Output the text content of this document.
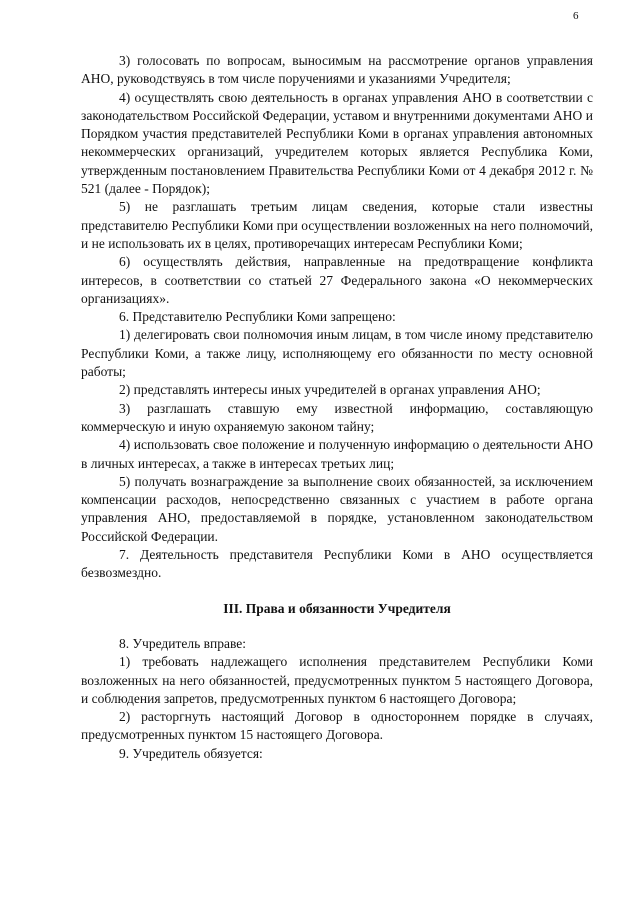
6

3) голосовать по вопросам, выносимым на рассмотрение органов управления АНО, руководствуясь в том числе поручениями и указаниями Учредителя;

4) осуществлять свою деятельность в органах управления АНО в соответствии с законодательством Российской Федерации, уставом и внутренними документами АНО и Порядком участия представителей Республики Коми в органах управления автономных некоммерческих организаций, учредителем которых является Республика Коми, утвержденным постановлением Правительства Республики Коми от 4 декабря 2012 г. № 521 (далее - Порядок);

5) не разглашать третьим лицам сведения, которые стали известны представителю Республики Коми при осуществлении возложенных на него полномочий, и не использовать их в целях, противоречащих интересам Республики Коми;

6) осуществлять действия, направленные на предотвращение конфликта интересов, в соответствии со статьей 27 Федерального закона «О некоммерческих организациях».

6. Представителю Республики Коми запрещено:

1) делегировать свои полномочия иным лицам, в том числе иному представителю Республики Коми, а также лицу, исполняющему его обязанности по месту основной работы;

2) представлять интересы иных учредителей в органах управления АНО;

3) разглашать ставшую ему известной информацию, составляющую коммерческую и иную охраняемую законом тайну;

4) использовать свое положение и полученную информацию о деятельности АНО в личных интересах, а также в интересах третьих лиц;

5) получать вознаграждение за выполнение своих обязанностей, за исключением компенсации расходов, непосредственно связанных с участием в работе органа управления АНО, предоставляемой в порядке, установленном законодательством Российской Федерации.

7. Деятельность представителя Республики Коми в АНО осуществляется безвозмездно.

III. Права и обязанности Учредителя

8. Учредитель вправе:

1) требовать надлежащего исполнения представителем Республики Коми возложенных на него обязанностей, предусмотренных пунктом 5 настоящего Договора, и соблюдения запретов, предусмотренных пунктом 6 настоящего Договора;

2) расторгнуть настоящий Договор в одностороннем порядке в случаях, предусмотренных пунктом 15 настоящего Договора.

9. Учредитель обязуется:
